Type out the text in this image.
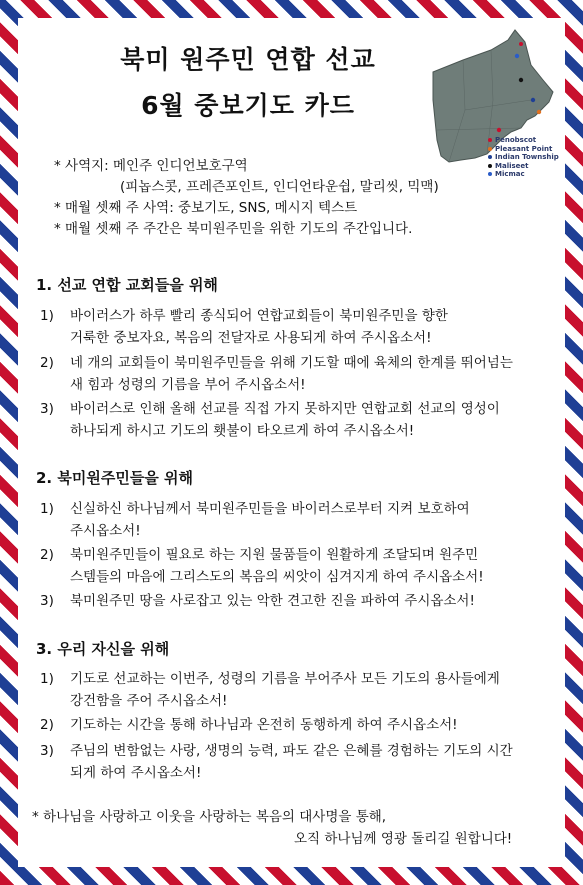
북미 원주민 연합 선교
6월 중보기도 카드
Penobscot
Pleasant Point
Indian Township
Maliseet
Micmac
* 사역지: 메인주 인디언보호구역
(피놉스콧, 프레즌포인트, 인디언타운쉽, 말리씻, 믹맥)
* 매월 셋째 주 사역: 중보기도, SNS, 메시지 텍스트
* 매월 셋째 주 주간은 북미원주민을 위한 기도의 주간입니다.
1. 선교 연합 교회들을 위해
1) 바이러스가 하루 빨리 종식되어 연합교회들이 북미원주민을 향한
거룩한 중보자요, 복음의 전달자로 사용되게 하여 주시옵소서!
2) 네 개의 교회들이 북미원주민들을 위해 기도할 때에 육체의 한계를 뛰어넘는
새 힘과 성령의 기름을 부어 주시옵소서!
3) 바이러스로 인해 올해 선교를 직접 가지 못하지만 연합교회 선교의 영성이
하나되게 하시고 기도의 횃불이 타오르게 하여 주시옵소서!
2. 북미원주민들을 위해
1) 신실하신 하나님께서 북미원주민들을 바이러스로부터 지켜 보호하여
주시옵소서!
2) 북미원주민들이 필요로 하는 지원 물품들이 원활하게 조달되며 원주민
스템들의 마음에 그리스도의 복음의 씨앗이 심겨지게 하여 주시옵소서!
3) 북미원주민 땅을 사로잡고 있는 악한 견고한 진을 파하여 주시옵소서!
3. 우리 자신을 위해
1) 기도로 선교하는 이번주, 성령의 기름을 부어주사 모든 기도의 용사들에게
강건함을 주어 주시옵소서!
2) 기도하는 시간을 통해 하나님과 온전히 동행하게 하여 주시옵소서!
3) 주님의 변함없는 사랑, 생명의 능력, 파도 같은 은혜를 경험하는 기도의 시간
되게 하여 주시옵소서!
* 하나님을 사랑하고 이웃을 사랑하는 복음의 대사명을 통해,
오직 하나님께 영광 돌리길 원합니다!
